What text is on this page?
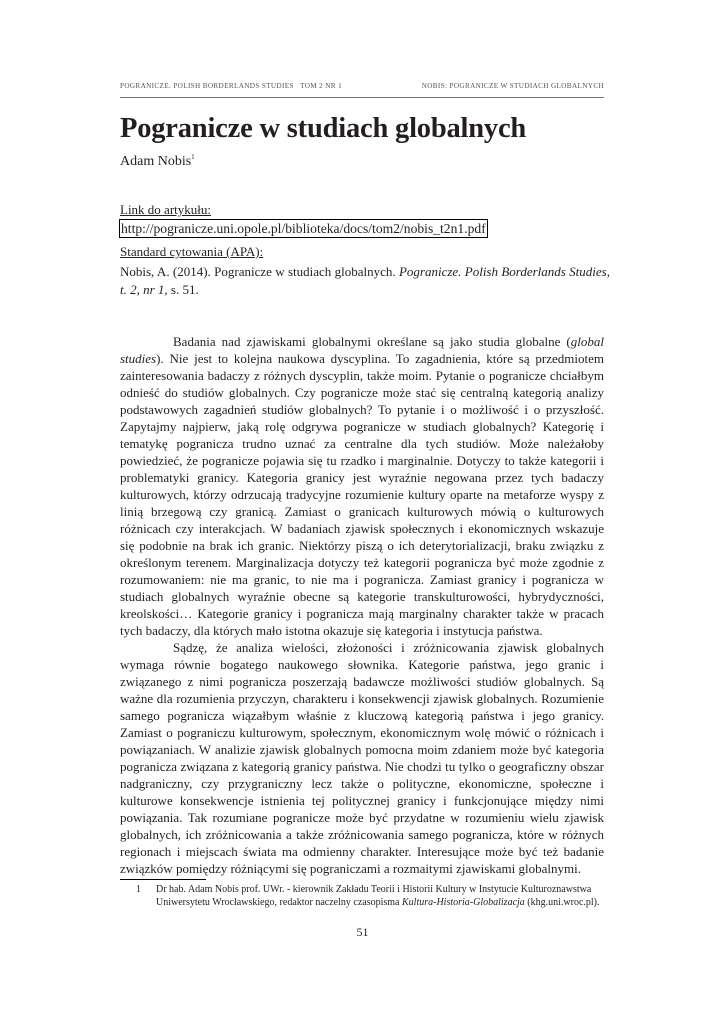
POGRANICZE. POLISH BORDERLANDS STUDIES   TOM 2 NR 1	NOBIS: POGRANICZE W STUDIACH GLOBALNYCH
Pogranicze w studiach globalnych
Adam Nobis$^1$
Link do artykułu:
http://pogranicze.uni.opole.pl/biblioteka/docs/tom2/nobis_t2n1.pdf
Standard cytowania (APA):
Nobis, A. (2014). Pogranicze w studiach globalnych. Pogranicze. Polish Borderlands Studies, t. 2, nr 1, s. 51.

Badania nad zjawiskami globalnymi określane są jako studia globalne (global studies). Nie jest to kolejna naukowa dyscyplina. To zagadnienia, które są przedmiotem zainteresowania badaczy z różnych dyscyplin, także moim. Pytanie o pogranicze chciałbym odnieść do studiów globalnych. Czy pogranicze może stać się centralną kategorią analizy podstawowych zagadnień studiów globalnych? To pytanie i o możliwość i o przyszłość. Zapytajmy najpierw, jaką rolę odgrywa pogranicze w studiach globalnych? Kategorię i tematykę pogranicza trudno uznać za centralne dla tych studiów. Może należałoby powiedzieć, że pogranicze pojawia się tu rzadko i marginalnie. Dotyczy to także kategorii i problematyki granicy. Kategoria granicy jest wyraźnie negowana przez tych badaczy kulturowych, którzy odrzucają tradycyjne rozumienie kultury oparte na metaforze wyspy z linią brzegową czy granicą. Zamiast o granicach kulturowych mówią o kulturowych różnicach czy interakcjach. W badaniach zjawisk społecznych i ekonomicznych wskazuje się podobnie na brak ich granic. Niektórzy piszą o ich deterytorializacji, braku związku z określonym terenem. Marginalizacja dotyczy też kategorii pogranicza być może zgodnie z rozumowaniem: nie ma granic, to nie ma i pogranicza. Zamiast granicy i pogranicza w studiach globalnych wyraźnie obecne są kategorie transkulturowości, hybrydyczności, kreolskości… Kategorie granicy i pogranicza mają marginalny charakter także w pracach tych badaczy, dla których mało istotna okazuje się kategoria i instytucja państwa.

Sądzę, że analiza wielości, złożoności i zróżnicowania zjawisk globalnych wymaga równie bogatego naukowego słownika. Kategorie państwa, jego granic i związanego z nimi pogranicza poszerzają badawcze możliwości studiów globalnych. Są ważne dla rozumienia przyczyn, charakteru i konsekwencji zjawisk globalnych. Rozumienie samego pogranicza wiązałbym właśnie z kluczową kategorią państwa i jego granicy. Zamiast o pograniczu kulturowym, społecznym, ekonomicznym wolę mówić o różnicach i powiązaniach. W analizie zjawisk globalnych pomocna moim zdaniem może być kategoria pogranicza związana z kategorią granicy państwa. Nie chodzi tu tylko o geograficzny obszar nadgraniczny, czy przygraniczny lecz także o polityczne, ekonomiczne, społeczne i kulturowe konsekwencje istnienia tej politycznej granicy i funkcjonujące między nimi powiązania. Tak rozumiane pogranicze może być przydatne w rozumieniu wielu zjawisk globalnych, ich zróżnicowania a także zróżnicowania samego pogranicza, które w różnych regionach i miejscach świata ma odmienny charakter. Interesujące może być też badanie związków pomiędzy różniącymi się pograniczami a rozmaitymi zjawiskami globalnymi.

1	Dr hab. Adam Nobis prof. UWr. - kierownik Zakładu Teorii i Historii Kultury w Instytucie Kulturoznawstwa Uniwersytetu Wrocławskiego, redaktor naczelny czasopisma Kultura-Historia-Globalizacja (khg.uni.wroc.pl).
51
